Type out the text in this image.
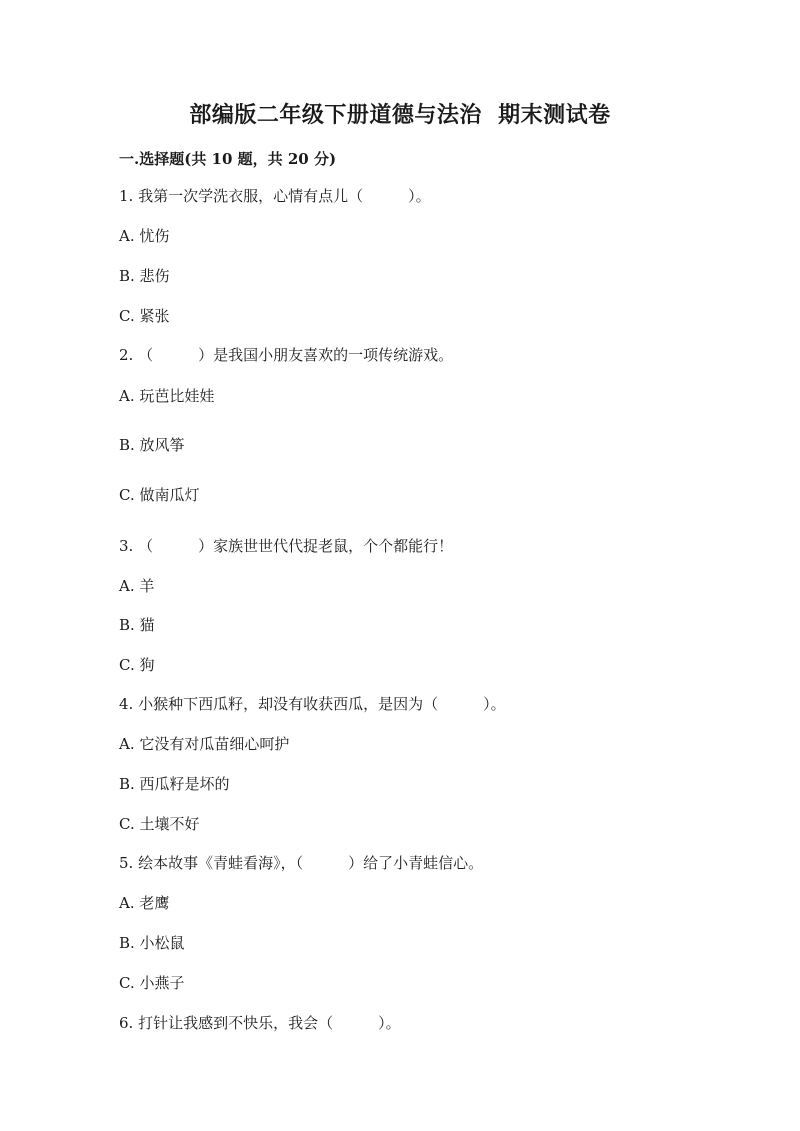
部编版二年级下册道德与法治  期末测试卷
一.选择题(共 10 题，共 20 分)
1. 我第一次学洗衣服，心情有点儿（　　　）。
A. 忧伤
B. 悲伤
C. 紧张
2. （　　　）是我国小朋友喜欢的一项传统游戏。
A. 玩芭比娃娃
B. 放风筝
C. 做南瓜灯
3. （　　　）家族世世代代捉老鼠，个个都能行！
A. 羊
B. 猫
C. 狗
4. 小猴种下西瓜籽，却没有收获西瓜，是因为（　　　）。
A. 它没有对瓜苗细心呵护
B. 西瓜籽是坏的
C. 土壤不好
5. 绘本故事《青蛙看海》，（　　　）给了小青蛙信心。
A. 老鹰
B. 小松鼠
C. 小燕子
6. 打针让我感到不快乐，我会（　　　）。
